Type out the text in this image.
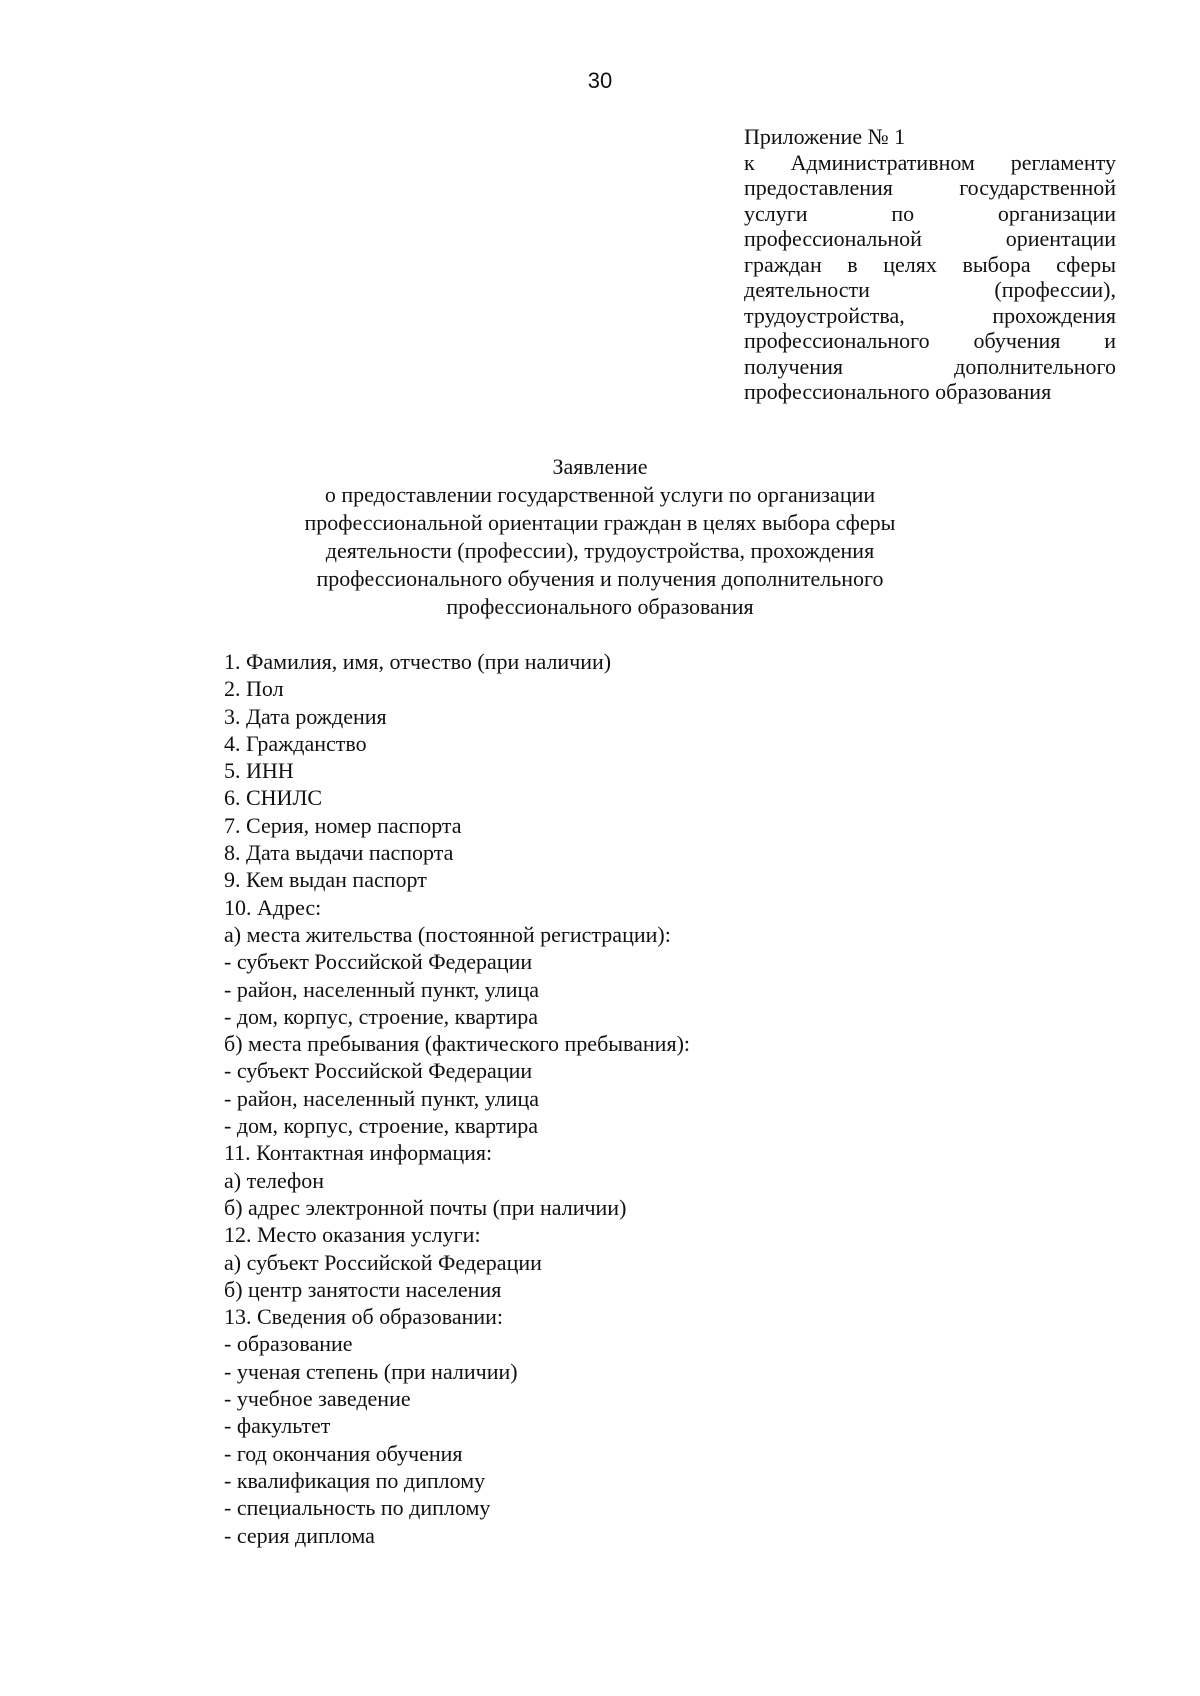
30
Приложение № 1
к Административном регламенту
предоставления государственной
услуги по организации
профессиональной ориентации
граждан в целях выбора сферы
деятельности (профессии),
трудоустройства, прохождения
профессионального обучения и
получения дополнительного
профессионального образования
Заявление
о предоставлении государственной услуги по организации
профессиональной ориентации граждан в целях выбора сферы
деятельности (профессии), трудоустройства, прохождения
профессионального обучения и получения дополнительного
профессионального образования
1. Фамилия, имя, отчество (при наличии)
2. Пол
3. Дата рождения
4. Гражданство
5. ИНН
6. СНИЛС
7. Серия, номер паспорта
8. Дата выдачи паспорта
9. Кем выдан паспорт
10. Адрес:
а) места жительства (постоянной регистрации):
- субъект Российской Федерации
- район, населенный пункт, улица
- дом, корпус, строение, квартира
б) места пребывания (фактического пребывания):
- субъект Российской Федерации
- район, населенный пункт, улица
- дом, корпус, строение, квартира
11. Контактная информация:
а) телефон
б) адрес электронной почты (при наличии)
12. Место оказания услуги:
а) субъект Российской Федерации
б) центр занятости населения
13. Сведения об образовании:
- образование
- ученая степень (при наличии)
- учебное заведение
- факультет
- год окончания обучения
- квалификация по диплому
- специальность по диплому
- серия диплома
